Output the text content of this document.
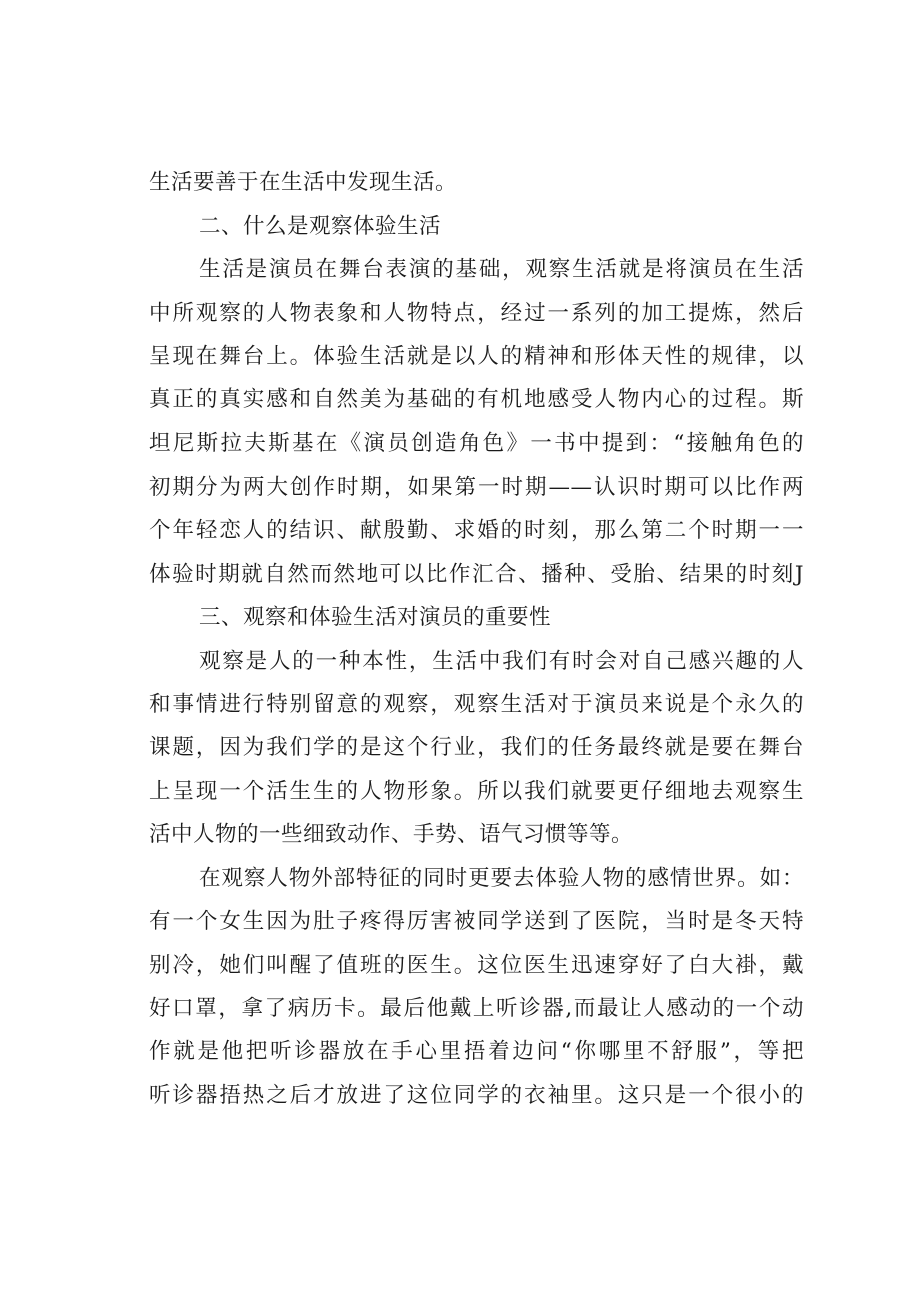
生活要善于在生活中发现生活。
二、什么是观察体验生活
生活是演员在舞台表演的基础，观察生活就是将演员在生活
中所观察的人物表象和人物特点，经过一系列的加工提炼，然后
呈现在舞台上。体验生活就是以人的精神和形体天性的规律，以
真正的真实感和自然美为基础的有机地感受人物内心的过程。斯
坦尼斯拉夫斯基在《演员创造角色》一书中提到：“接触角色的
初期分为两大创作时期，如果第一时期——认识时期可以比作两
个年轻恋人的结识、献殷勤、求婚的时刻，那么第二个时期一一
体验时期就自然而然地可以比作汇合、播种、受胎、结果的时刻J
三、观察和体验生活对演员的重要性
观察是人的一种本性，生活中我们有时会对自己感兴趣的人
和事情进行特别留意的观察，观察生活对于演员来说是个永久的
课题，因为我们学的是这个行业，我们的任务最终就是要在舞台
上呈现一个活生生的人物形象。所以我们就要更仔细地去观察生
活中人物的一些细致动作、手势、语气习惯等等。
在观察人物外部特征的同时更要去体验人物的感情世界。如：
有一个女生因为肚子疼得厉害被同学送到了医院，当时是冬天特
别冷，她们叫醒了值班的医生。这位医生迅速穿好了白大褂，戴
好口罩，拿了病历卡。最后他戴上听诊器,而最让人感动的一个动
作就是他把听诊器放在手心里捂着边问“你哪里不舒服”，等把
听诊器捂热之后才放进了这位同学的衣袖里。这只是一个很小的
